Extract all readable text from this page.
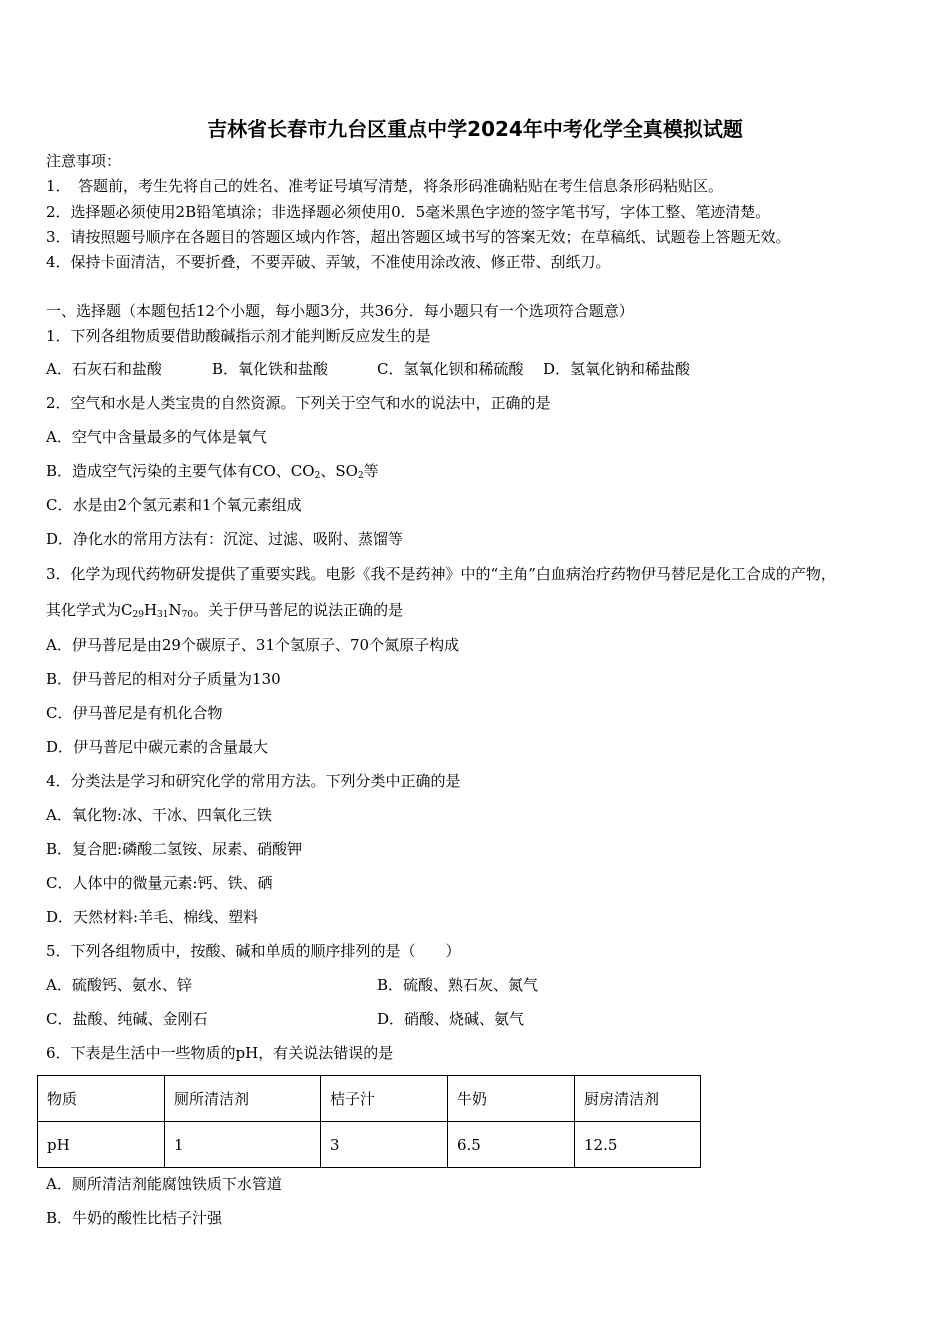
吉林省长春市九台区重点中学2024年中考化学全真模拟试题
注意事项：
1．　答题前，考生先将自己的姓名、准考证号填写清楚，将条形码准确粘贴在考生信息条形码粘贴区。
2．选择题必须使用2B铅笔填涂；非选择题必须使用0．5毫米黑色字迹的签字笔书写，字体工整、笔迹清楚。
3．请按照题号顺序在各题目的答题区域内作答，超出答题区域书写的答案无效；在草稿纸、试题卷上答题无效。
4．保持卡面清洁，不要折叠，不要弄破、弄皱，不准使用涂改液、修正带、刮纸刀。
一、选择题（本题包括12个小题，每小题3分，共36分．每小题只有一个选项符合题意）
1．下列各组物质要借助酸碱指示剂才能判断反应发生的是
A．石灰石和盐酸	B．氧化铁和盐酸	C．氢氧化钡和稀硫酸 D．氢氧化钠和稀盐酸
2．空气和水是人类宝贵的自然资源。下列关于空气和水的说法中，正确的是
A．空气中含量最多的气体是氧气
B．造成空气污染的主要气体有CO、$CO_2$、$SO_2$等
C．水是由2个氢元素和1个氧元素组成
D．净化水的常用方法有：沉淀、过滤、吸附、蒸馏等
3．化学为现代药物研发提供了重要实践。电影《我不是药神》中的“主角”白血病治疗药物伊马替尼是化工合成的产物，
其化学式为$C_{29}H_{31}N_{70}$。关于伊马普尼的说法正确的是
A．伊马普尼是由29个碳原子、31个氢原子、70个氮原子构成
B．伊马普尼的相对分子质量为130
C．伊马普尼是有机化合物
D．伊马普尼中碳元素的含量最大
4．分类法是学习和研究化学的常用方法。下列分类中正确的是
A．氧化物:冰、干冰、四氧化三铁
B．复合肥:磷酸二氢铵、尿素、硝酸钾
C．人体中的微量元素:钙、铁、硒
D．天然材料:羊毛、棉线、塑料
5．下列各组物质中，按酸、碱和单质的顺序排列的是（　　）
A．硫酸钙、氨水、锌	B．硫酸、熟石灰、氮气
C．盐酸、纯碱、金刚石	D．硝酸、烧碱、氨气
6．下表是生活中一些物质的pH，有关说法错误的是
物质	厕所清洁剂	桔子汁	牛奶	厨房清洁剂
pH	1	3	6.5	12.5
A．厕所清洁剂能腐蚀铁质下水管道
B．牛奶的酸性比桔子汁强
